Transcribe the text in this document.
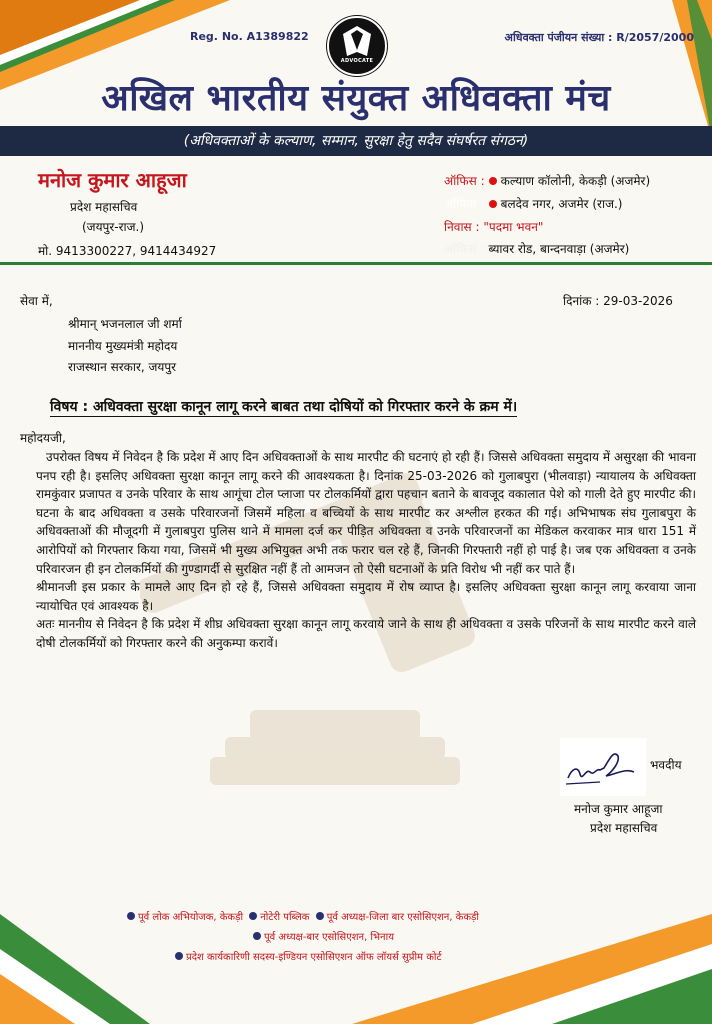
Reg. No. A1389822
ADVOCATE
अधिवक्ता पंजीयन संख्या : R/2057/2000
अखिल भारतीय संयुक्त अधिवक्ता मंच
(अधिवक्ताओं के कल्याण, सम्मान, सुरक्षा हेतु सदैव संघर्षरत संगठन)
मनोज कुमार आहूजा
प्रदेश महासचिव
(जयपुर-राज.)
मो. 9413300227, 9414434927
ऑफिस : कल्याण कॉलोनी, केकड़ी (अजमेर)
ऑफिस : बलदेव नगर, अजमेर (राज.)
निवास : "पदमा भवन"
ऑफिस : ब्यावर रोड, बान्दनवाड़ा (अजमेर)
सेवा में,	दिनांक : 29-03-2026
श्रीमान् भजनलाल जी शर्मा
माननीय मुख्यमंत्री महोदय
राजस्थान सरकार, जयपुर
विषय : अधिवक्ता सुरक्षा कानून लागू करने बाबत तथा दोषियों को गिरफ्तार करने के क्रम में।
महोदयजी,

उपरोक्त विषय में निवेदन है कि प्रदेश में आए दिन अधिवक्ताओं के साथ मारपीट की घटनाएं हो रही हैं। जिससे अधिवक्ता समुदाय में असुरक्षा की भावना पनप रही है। इसलिए अधिवक्ता सुरक्षा कानून लागू करने की आवश्यकता है। दिनांक 25-03-2026 को गुलाबपुरा (भीलवाड़ा) न्यायालय के अधिवक्ता रामकुंवार प्रजापत व उनके परिवार के साथ आगूंचा टोल प्लाजा पर टोलकर्मियों द्वारा पहचान बताने के बावजूद वकालात पेशे को गाली देते हुए मारपीट की। घटना के बाद अधिवक्ता व उसके परिवारजनों जिसमें महिला व बच्चियों के साथ मारपीट कर अश्लील हरकत की गई। अभिभाषक संघ गुलाबपुरा के अधिवक्ताओं की मौजूदगी में गुलाबपुरा पुलिस थाने में मामला दर्ज कर पीड़ित अधिवक्ता व उनके परिवारजनों का मेडिकल करवाकर मात्र धारा 151 में आरोपियों को गिरफ्तार किया गया, जिसमें भी मुख्य अभियुक्त अभी तक फरार चल रहे हैं, जिनकी गिरफ्तारी नहीं हो पाई है। जब एक अधिवक्ता व उनके परिवारजन ही इन टोलकर्मियों की गुण्डागर्दी से सुरक्षित नहीं हैं तो आमजन तो ऐसी घटनाओं के प्रति विरोध भी नहीं कर पाते हैं।

श्रीमानजी इस प्रकार के मामले आए दिन हो रहे हैं, जिससे अधिवक्ता समुदाय में रोष व्याप्त है। इसलिए अधिवक्ता सुरक्षा कानून लागू करवाया जाना न्यायोचित एवं आवश्यक है।

अतः माननीय से निवेदन है कि प्रदेश में शीघ्र अधिवक्ता सुरक्षा कानून लागू करवाये जाने के साथ ही अधिवक्ता व उसके परिजनों के साथ मारपीट करने वाले दोषी टोलकर्मियों को गिरफ्तार करने की अनुकम्पा करावें।

भवदीय
मनोज कुमार आहूजा
प्रदेश महासचिव
पूर्व लोक अभियोजक, केकड़ी नोटेरी पब्लिक पूर्व अध्यक्ष-जिला बार एसोसिएशन, केकड़ी
पूर्व अध्यक्ष-बार एसोसिएशन, भिनाय
प्रदेश कार्यकारिणी सदस्य-इण्डियन एसोसिएशन ऑफ लॉयर्स सुप्रीम कोर्ट
